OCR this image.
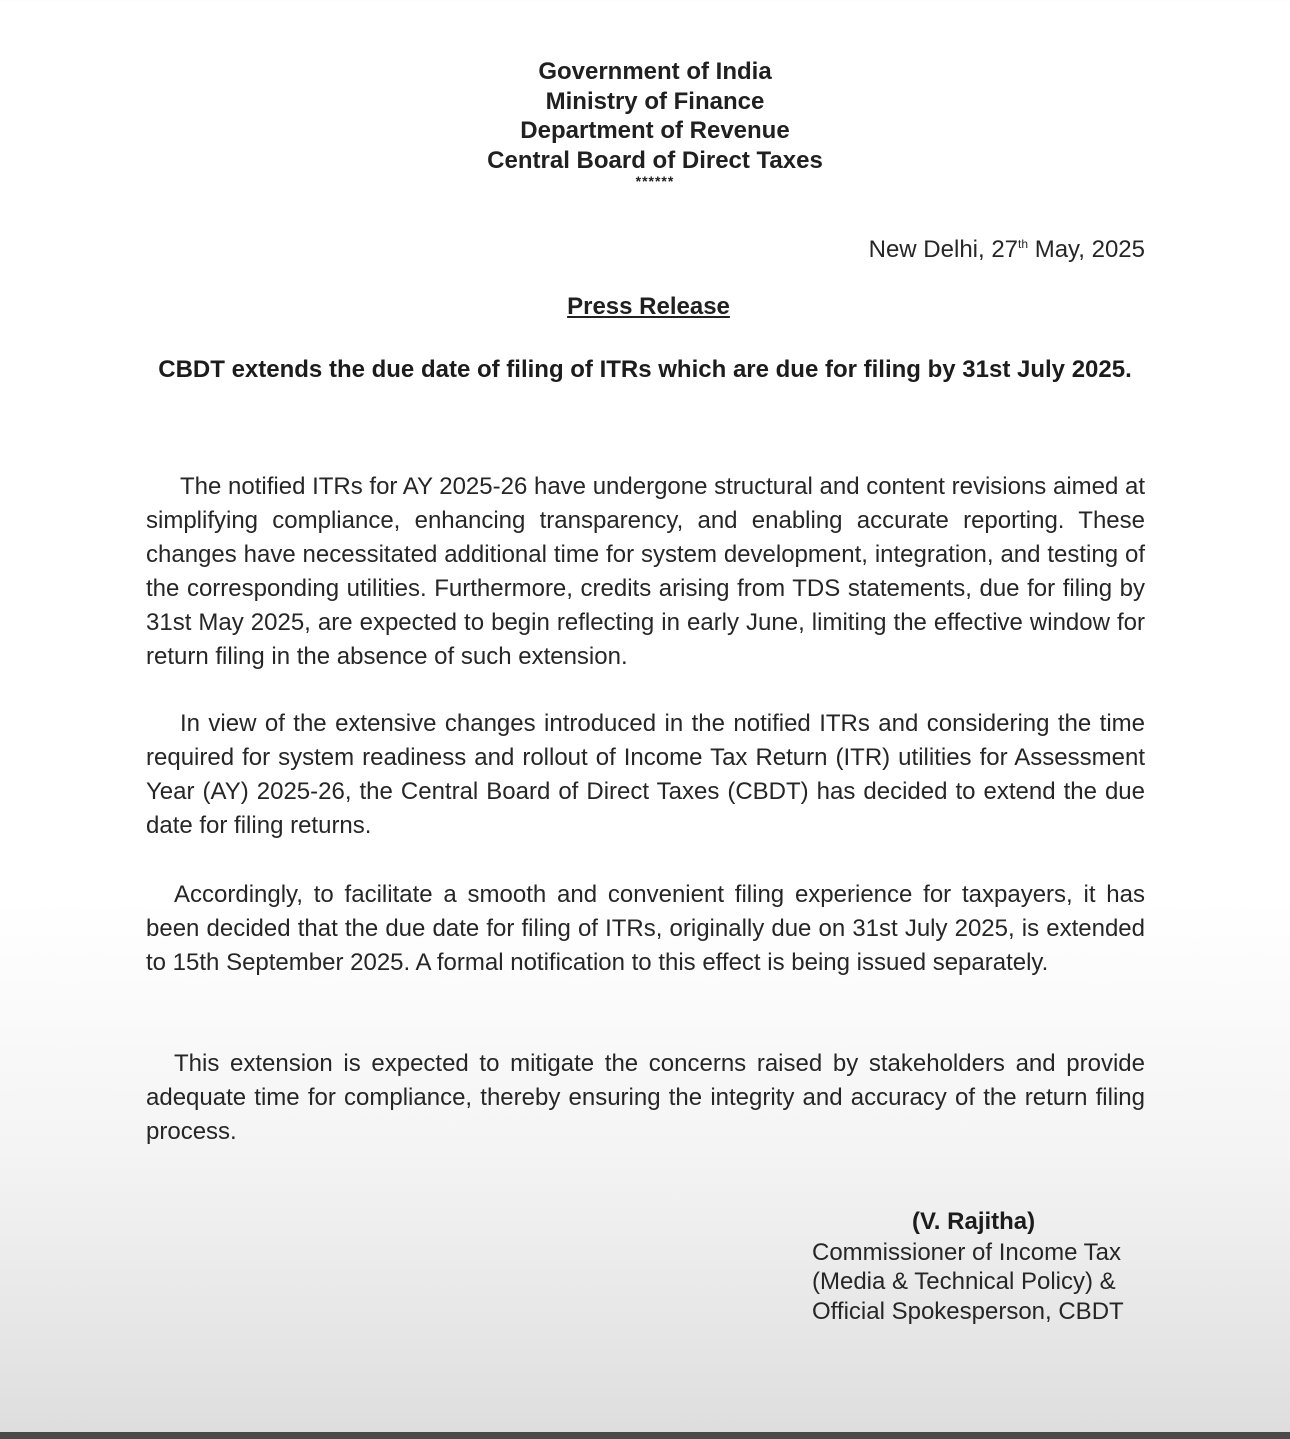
Government of India
Ministry of Finance
Department of Revenue
Central Board of Direct Taxes
******
New Delhi, 27th May, 2025
Press Release
CBDT extends the due date of filing of ITRs which are due for filing by 31st July 2025.
The notified ITRs for AY 2025-26 have undergone structural and content revisions aimed at simplifying compliance, enhancing transparency, and enabling accurate reporting. These changes have necessitated additional time for system development, integration, and testing of the corresponding utilities. Furthermore, credits arising from TDS statements, due for filing by 31st May 2025, are expected to begin reflecting in early June, limiting the effective window for return filing in the absence of such extension.
In view of the extensive changes introduced in the notified ITRs and considering the time required for system readiness and rollout of Income Tax Return (ITR) utilities for Assessment Year (AY) 2025-26, the Central Board of Direct Taxes (CBDT) has decided to extend the due date for filing returns.
Accordingly, to facilitate a smooth and convenient filing experience for taxpayers, it has been decided that the due date for filing of ITRs, originally due on 31st July 2025, is extended to 15th September 2025. A formal notification to this effect is being issued separately.
This extension is expected to mitigate the concerns raised by stakeholders and provide adequate time for compliance, thereby ensuring the integrity and accuracy of the return filing process.
(V. Rajitha)
Commissioner of Income Tax
(Media & Technical Policy) &
Official Spokesperson, CBDT
